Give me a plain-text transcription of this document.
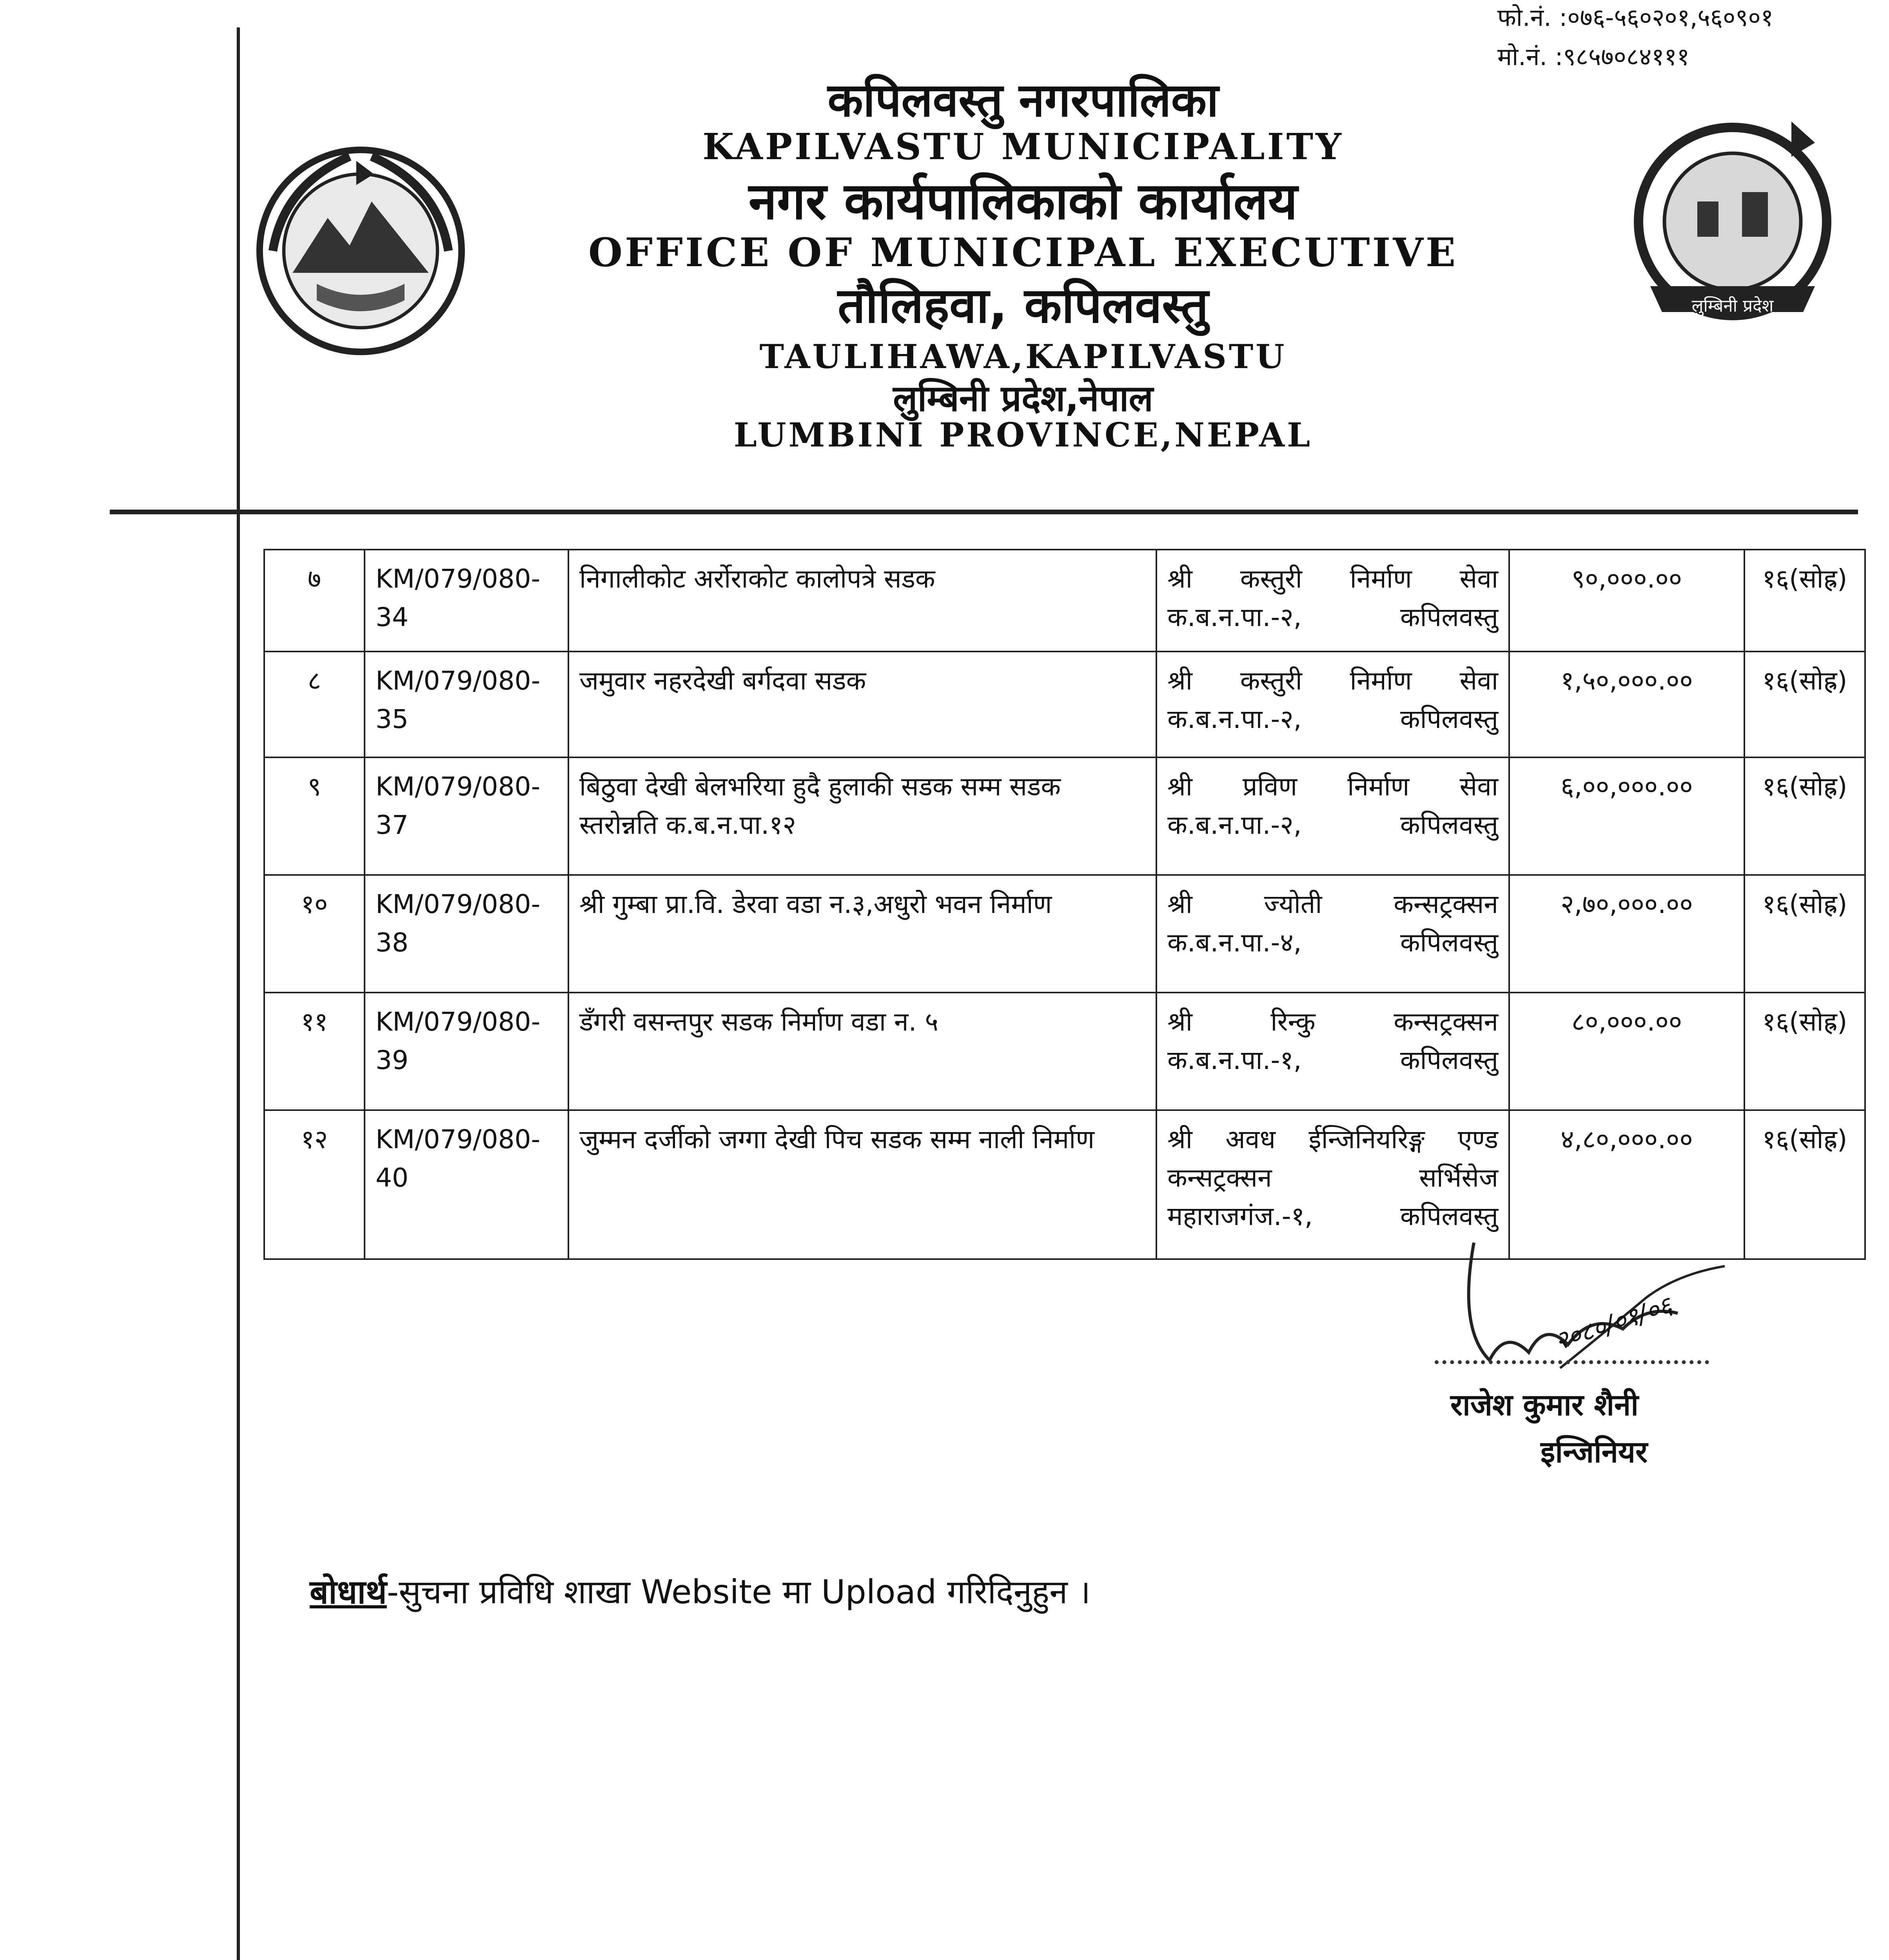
फो.नं. :०७६-५६०२०१,५६०९०१
मो.नं. :९८५७०८४१११
लुम्बिनी प्रदेश
कपिलवस्तु नगरपालिका
KAPILVASTU MUNICIPALITY
नगर कार्यपालिकाको कार्यालय
OFFICE OF MUNICIPAL EXECUTIVE
तौलिहवा, कपिलवस्तु
TAULIHAWA,KAPILVASTU
लुम्बिनी प्रदेश,नेपाल
LUMBINI PROVINCE,NEPAL
७	KM/079/080-34	निगालीकोट अर्रोराकोट कालोपत्रे सडक	श्री कस्तुरी निर्माण सेवा क.ब.न.पा.-२, कपिलवस्तु	९०,०००.००	१६(सोह्र)
८	KM/079/080-35	जमुवार नहरदेखी बर्गदवा सडक	श्री कस्तुरी निर्माण सेवा क.ब.न.पा.-२, कपिलवस्तु	१,५०,०००.००	१६(सोह्र)
९	KM/079/080-37	बिठुवा देखी बेलभरिया हुदै हुलाकी सडक सम्म सडक स्तरोन्नति क.ब.न.पा.१२	श्री प्रविण निर्माण सेवा क.ब.न.पा.-२, कपिलवस्तु	६,००,०००.००	१६(सोह्र)
१०	KM/079/080-38	श्री गुम्बा प्रा.वि. डेरवा वडा न.३,अधुरो भवन निर्माण	श्री ज्योती कन्सट्रक्सन क.ब.न.पा.-४, कपिलवस्तु	२,७०,०००.००	१६(सोह्र)
११	KM/079/080-39	डँगरी वसन्तपुर सडक निर्माण वडा न. ५	श्री रिन्कु कन्सट्रक्सन क.ब.न.पा.-१, कपिलवस्तु	८०,०००.००	१६(सोह्र)
१२	KM/079/080-40	जुम्मन दर्जीको जग्गा देखी पिच सडक सम्म नाली निर्माण	श्री अवध ईन्जिनियरिङ्ग एण्ड कन्सट्रक्सन सर्भिसेज महाराजगंज.-१, कपिलवस्तु	४,८०,०००.००	१६(सोह्र)
२०८०/०१/०६
राजेश कुमार शैनी
इन्जिनियर
बोधार्थ-सुचना प्रविधि शाखा Website मा Upload गरिदिनुहुन ।
